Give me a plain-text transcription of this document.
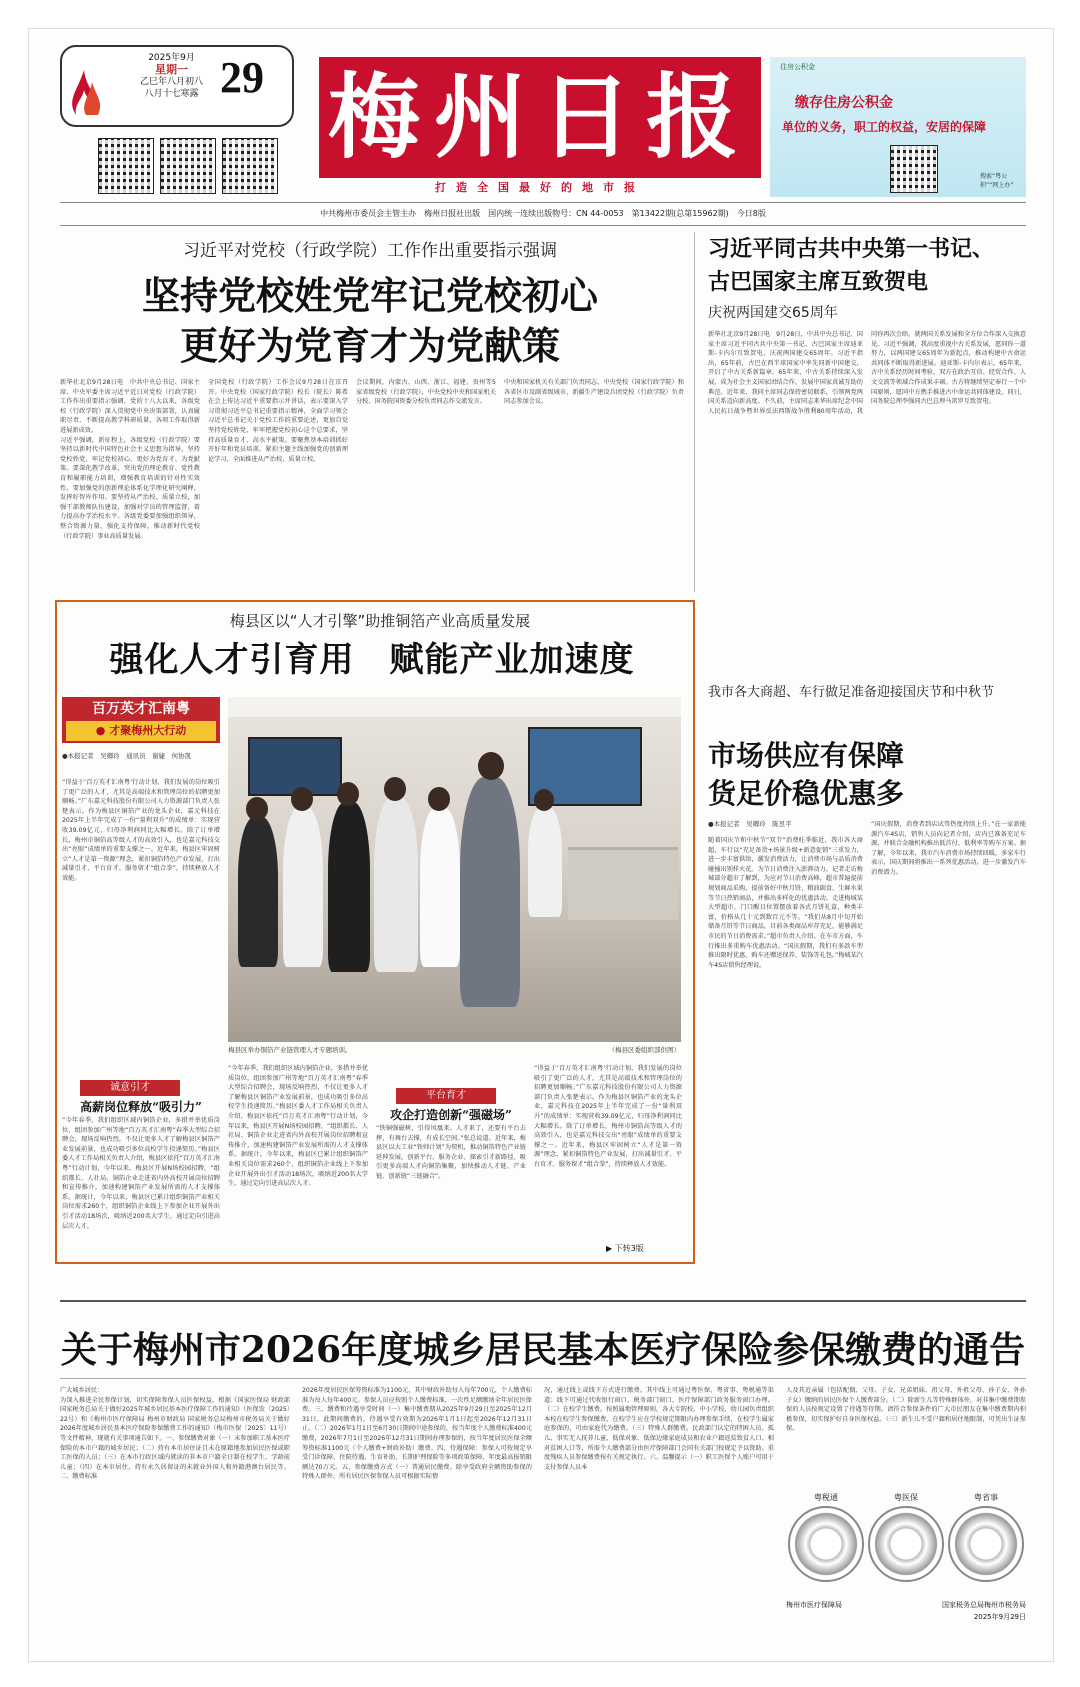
2025年9月
星期一
乙巳年八月初八
八月十七寒露 29 梅州日报
打造全国最好的地市报
住房公积金
缴存住房公积金
单位的义务，职工的权益，安居的保障
搜索“粤公积”“网上办”
中共梅州市委员会主管主办　梅州日报社出版　国内统一连续出版物号：CN 44-0053　第13422期(总第15962期)　今日8版
习近平对党校（行政学院）工作作出重要指示强调
坚持党校姓党牢记党校初心
更好为党育才为党献策
新华社北京9月28日电　中共中央总书记、国家主席、中央军委主席习近平近日对党校（行政学院）工作作出重要指示强调，党的十八大以来，各级党校（行政学院）深入贯彻党中央决策部署，认真履职尽责，不断提高教学科研质量，各项工作取得新进展新成效。
习近平强调，新征程上，各级党校（行政学院）要坚持以新时代中国特色社会主义思想为指导，坚持党校姓党，牢记党校初心，更好为党育才、为党献策。要深化教学改革，突出党的理论教育、党性教育和履职能力培训，增强教育培训的针对性实效性。要加强党的创新理论体系化学理化研究阐释，发挥好智库作用。要坚持从严治校、质量立校，加强干部教师队伍建设，加强对学员的管理监督，着力提高办学治校水平。各级党委要加强组织领导，整合资源力量，强化支持保障，推动新时代党校（行政学院）事业高质量发展。
全国党校（行政学院）工作会议9月28日在京召开。中央党校（国家行政学院）校长（院长）陈希在会上传达习近平重要指示并讲话，表示要深入学习贯彻习近平总书记重要指示精神，全面学习领会习近平总书记关于党校工作的重要论述，更加自觉坚持党校姓党，牢牢把握党校初心这个总要求，坚持高质量育才、高水平献策。要聚焦基本培训抓好开好年和党员培训，紧扣主题主线加强党的创新理论学习，全面推进从严治校、质量立校。
会议期间，内蒙古、山西、浙江、福建、贵州等5家省级党校（行政学院），中央党校中央和国家机关分校、国务院国资委分校负责同志作交流发言。
中央和国家机关有关部门负责同志，中央党校（国家行政学院）和各省区市及副省级城市、新疆生产建设兵团党校（行政学院）负责同志参加会议。
习近平同古共中央第一书记、
古巴国家主席互致贺电
庆祝两国建交65周年
新华社北京9月28日电　9月28日，中共中央总书记、国家主席习近平同古共中央第一书记、古巴国家主席迪亚斯-卡内尔互致贺电，庆祝两国建交65周年。习近平指出，65年前，古巴在西半球国家中率先同新中国建交，开启了中古关系新篇章。65年来，中古关系持续深入发展，成为社会主义国家团结合作、发展中国家真诚互助的典范。近年来，我同主席同志保持密切联系，引领两党两国关系迈向新高度。不久前，主席同志来华出席纪念中国人民抗日战争暨世界反法西斯战争胜利80周年活动，我同你再次会晤，就两国关系发展和全方位合作深入交换意见。习近平强调，我高度重视中古关系发展，愿同你一道努力，以两国建交65周年为新起点，推动构建中古命运共同体不断取得新进展。迪亚斯-卡内尔表示，65年来，古中关系经历时间考验，双方在政治互信、经贸合作、人文交流等领域合作成果丰硕。古方将继续坚定奉行一个中国原则，愿同中方携手推进古中命运共同体建设。同日，国务院总理李强同古巴总理马雷罗互致贺电。
梅县区以“人才引擎”助推铜箔产业高质量发展
强化人才引育用　赋能产业加速度
百万英才汇南粤
● 才聚梅州大行动
●本报记者　吴卿玲　通讯员　谢婕　何协凯
“得益于‘百万英才汇南粤’行动计划，我们发展的岗位吸引了更广泛的人才，尤其是高端技术和管理岗位的招聘更加顺畅。”广东嘉元科技股份有限公司人力资源部门负责人张楚表示。作为梅县区铜箔产业的龙头企业，嘉元科技在2025年上半年完成了一份“量利双升”的成绩单：实现营收39.09亿元，归母净利润同比大幅增长。除了订单增长，梅州市铜箔高等级人才的高效引入，也是嘉元科技交出“亮眼”成绩单的重要支撑之一。近年来，梅县区牢固树立“人才是第一资源”理念，紧扣铜箔特色产业发展，打出减量引才、平台育才、服务留才“组合拳”，持续释放人才效能。
梅县区举办铜箔产业链管理人才专题培训。	（梅县区委组织部供图）
诚意引才
高薪岗位释放“吸引力”
“今年春季，我们组织区域内铜箔企业，多措并举优质岗位，组团参加广州等地“百万英才汇南粤”春季大型综合招聘会，现场反响热烈，不仅让更多人才了解梅县区铜箔产业发展前景，也成功吸引多位高校学生投递简历。”梅县区委人才工作局相关负责人介绍，梅县区依托“百万英才汇南粤”行动计划，今年以来，梅县区开展N场校园招聘，“组织都长、人社局、铜箔企业走进省内外高校开展岗位招聘和宣传推介，加速构建铜箔产业发展所需的人才支撑体系。据统计，今年以来，梅县区已累计组织铜箔产业相关岗位需求260个，组织铜箔企业线上下参加企业开展外出引才活动18场次，吸纳近200名大学生，通过定向引进高层次人才。
“今年春季，我们组织区域内铜箔企业，多措并举优质岗位，组团参加广州等地“百万英才汇南粤”春季大型综合招聘会，现场反响热烈，不仅让更多人才了解梅县区铜箔产业发展前景，也成功吸引多位高校学生投递简历。”梅县区委人才工作局相关负责人介绍，梅县区依托“百万英才汇南粤”行动计划，今年以来，梅县区开展N场校园招聘，“组织都长、人社局、铜箔企业走进省内外高校开展岗位招聘和宣传推介，加速构建铜箔产业发展所需的人才支撑体系。据统计，今年以来，梅县区已累计组织铜箔产业相关岗位需求260个，组织铜箔企业线上下参加企业开展外出引才活动18场次，吸纳近200名大学生，通过定向引进高层次人才。
平台育才
攻企打造创新“强磁场”
“铁铜强磁树，引得凤凰来。人才来了，还要有平台去摔，有舞台去撑，有成长空间。”张总说道。近年来，梅县区以大工业“铁帅计划”为契机，推动铜箔特色产业链延伸发展，创新平台、服务企业、探索引才新路径、吸引更多高端人才向铜箔集聚，加快推动人才链、产业链、创新链“三链融合”。
“得益于‘百万英才汇南粤’行动计划，我们发展的岗位吸引了更广泛的人才，尤其是高端技术和管理岗位的招聘更加顺畅。”广东嘉元科技股份有限公司人力资源部门负责人张楚表示。作为梅县区铜箔产业的龙头企业，嘉元科技在2025年上半年完成了一份“量利双升”的成绩单：实现营收39.09亿元，归母净利润同比大幅增长。除了订单增长，梅州市铜箔高等级人才的高效引入，也是嘉元科技交出“亮眼”成绩单的重要支撑之一。近年来，梅县区牢固树立“人才是第一资源”理念，紧扣铜箔特色产业发展，打出减量引才、平台育才、服务留才“组合拳”，持续释放人才效能。
▶ 下转3版
我市各大商超、车行做足准备迎接国庆节和中秋节
市场供应有保障
货足价稳优惠多
●本报记者　吴卿玲　陈昱平
随着国庆节和中秋节“双节”消费旺季临近，我市各大商超、车行以“充足备货+场景升级+新意促销”三重发力，进一步丰富供给，激发消费活力，让消费市场与品质消费碰撞出别样火花。为节日消费注入澎湃动力。记者走访梅城部分超市了解到，为应对节日消费高峰，超市普遍提前规划商品采购，提前备好中秋月饼、粮油副食、生鲜水果等节日热销商品，并推出多样化的优惠活动。走进梅城某大型超市，门口醒目位置摆放着各式月饼礼盒，种类丰富，价格从几十元到数百元不等。“我们从8月中旬开始储备月饼等节日商品，目前各类商品库存充足，能够满足市民的节日消费需求。”超市负责人介绍。在车市方面，车行推出多重购车优惠活动。“国庆假期，我们有多款车型推出限时优惠，购车还赠送保养、装饰等礼包。”梅城某汽车4S店销售经理说。
“国庆假期，消费者到店试驾热度持续上升。”在一家新能源汽车4S店，销售人员向记者介绍，店内已准备充足车源，并联合金融机构推出低首付、低利率等购车方案。据了解，今年以来，我市汽车消费市场持续回暖，多家车行表示，国庆期间将推出一系列优惠活动，进一步激发汽车消费潜力。
关于梅州市2026年度城乡居民基本医疗保险参保缴费的通告
广大城乡居民：
为深入推进全民参保计划，切实保障参保人员医保权益，根据《国家医保局 财政部 国家税务总局关于做好2025年城乡居民基本医疗保障工作的通知》（医保发〔2025〕22号）和《梅州市医疗保障局 梅州市财政局 国家税务总局梅州市税务局关于做好2026年度城乡居民基本医疗保险参保缴费工作的通知》（梅市医保〔2025〕11号）等文件精神，现就有关事项通告如下。一、参保缴费对象（一）未参加职工基本医疗保险的本市户籍的城乡居民；（二）持有本市居住证且未在原籍地参加居民医保或职工医保的人员；（三）在本市行政区域内就读的非本市户籍全日制在校学生、学龄前儿童；（四）在本市居住，持有永久居留证的未就业外国人和外籍港澳台居民等。二、缴费标准
2026年度居民医保筹资标准为1100元，其中财政补助每人每年700元，个人缴费标准为每人每年400元。参保人员应按照个人缴费标准，一次性足额缴纳全年居民医保费。三、缴费和待遇享受时间（一）集中缴费期从2025年9月29日至2025年12月31日，此期间缴费的，待遇享受有效期为2026年1月1日起至2026年12月31日止。（二）2026年1月1日至6月30日期间中途参保的，按当年度个人缴费标准400元缴费，2026年7月1日至2026年12月31日期间办理参保的，按当年度居民医保全额筹资标准1100元（个人缴费+财政补助）缴费。四、待遇保障：参保人可按规定享受门诊保障、住院待遇、生育补助、长期护理保险等多项政策保障，年度最高报销限额达70万元。五、参保缴费方式（一）普通居民缴费。除享受政府全额资助参保的特殊人群外，所有居民医保参保人员可根据实际情
况，通过线上或线下方式进行缴费。其中线上可通过粤医保、粤省事、粤税通等渠道；线下可通过代收银行窗口、税务部门窗口、医疗保障部门政务服务窗口办理。（二）在校学生缴费。按照属地管理原则，各大专院校、中小学校、幼儿园负责组织本校在校学生参保缴费，在校学生应在学校规定期限内办理参保手续，在校学生属家庭参保的，可由家庭代为缴费。（三）特殊人群缴费。民政部门认定的特困人员、孤儿、事实无人抚养儿童、低保对象、低保边缘家庭成员和农业户籍返贫致贫人口、相对贫困人口等，所需个人缴费部分由医疗保障部门会同有关部门按规定予以资助。重度残疾人员参保缴费按有关规定执行。六、温馨提示（一）职工医保个人账户可用于支付参保人员本
人及其近亲属（包括配偶、父母、子女、兄弟姐妹、祖父母、外祖父母、孙子女、外孙子女）缴纳的居民医保个人缴费部分。（二）除新生儿等特殊群体外，对非集中缴费期参保的人员按规定设置了待遇等待期。请符合参保条件的广大市民朋友在集中缴费期内积极参保，切实保护好自身医保权益。（三）新生儿不受户籍和居住地限制，可凭出生证参保。
粤税通	粤医保	粤省事
梅州市医疗保障局	国家税务总局梅州市税务局
2025年9月29日
